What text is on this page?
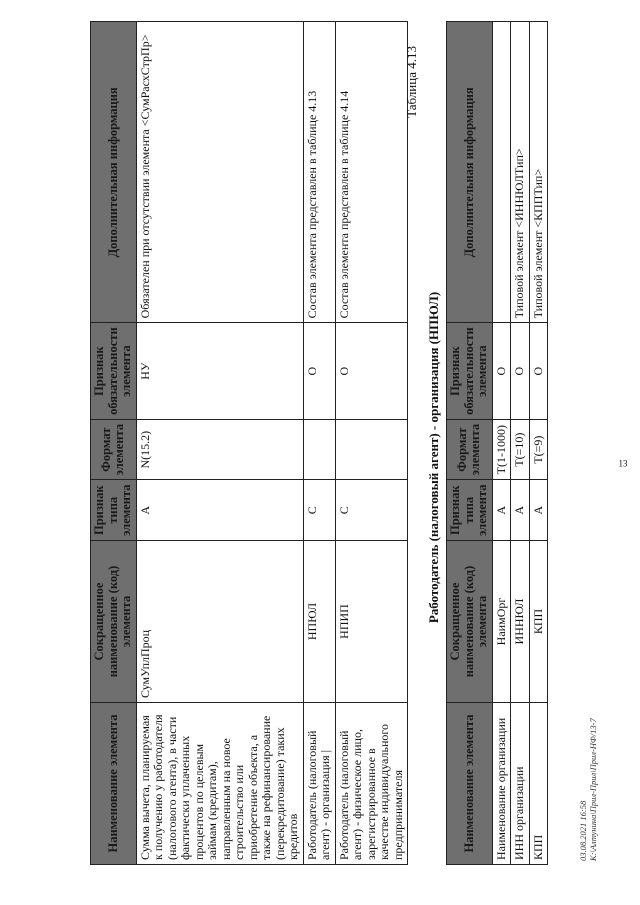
13
Наименование элемента	Сокращенное наименование (код) элемента	Признак типа элемента	Формат элемента	Признак обязательности элемента	Дополнительная информация
Сумма вычета, планируемая к получению у работодателя (налогового агента), в части фактически уплаченных процентов по целевым займам (кредитам), направленным на новое строительство или приобретение объекта, а также на рефинансирование (перекредитование) таких кредитов	СумУплПроц	А	N(15.2)	НУ	Обязателен при отсутствии элемента <СумРасхСтрПр>
Работодатель (налоговый агент) - организация |	НПЮЛ	С		О	Состав элемента представлен в таблице 4.13
Работодатель (налоговый агент) - физическое лицо, зарегистрированное в качестве индивидуального предпринимателя	НПИП	С		О	Состав элемента представлен в таблице 4.14
Таблица 4.13
Работодатель (налоговый агент) - организация (НПЮЛ)
Наименование элемента	Сокращенное наименование (код) элемента	Признак типа элемента	Формат элемента	Признак обязательности элемента	Дополнительная информация
Наименование организации	НаимОрг	А	T(1-1000)	О	
ИНН организации	ИННЮЛ	А	T(=10)	О	Типовой элемент <ИННЮЛТип>
КПП	КПП	А	T(=9)	О	Типовой элемент <КППТип>
03.08.2021 16:58 К:\Алтунина\Прил-Прил\Прил-НФ/13-7
